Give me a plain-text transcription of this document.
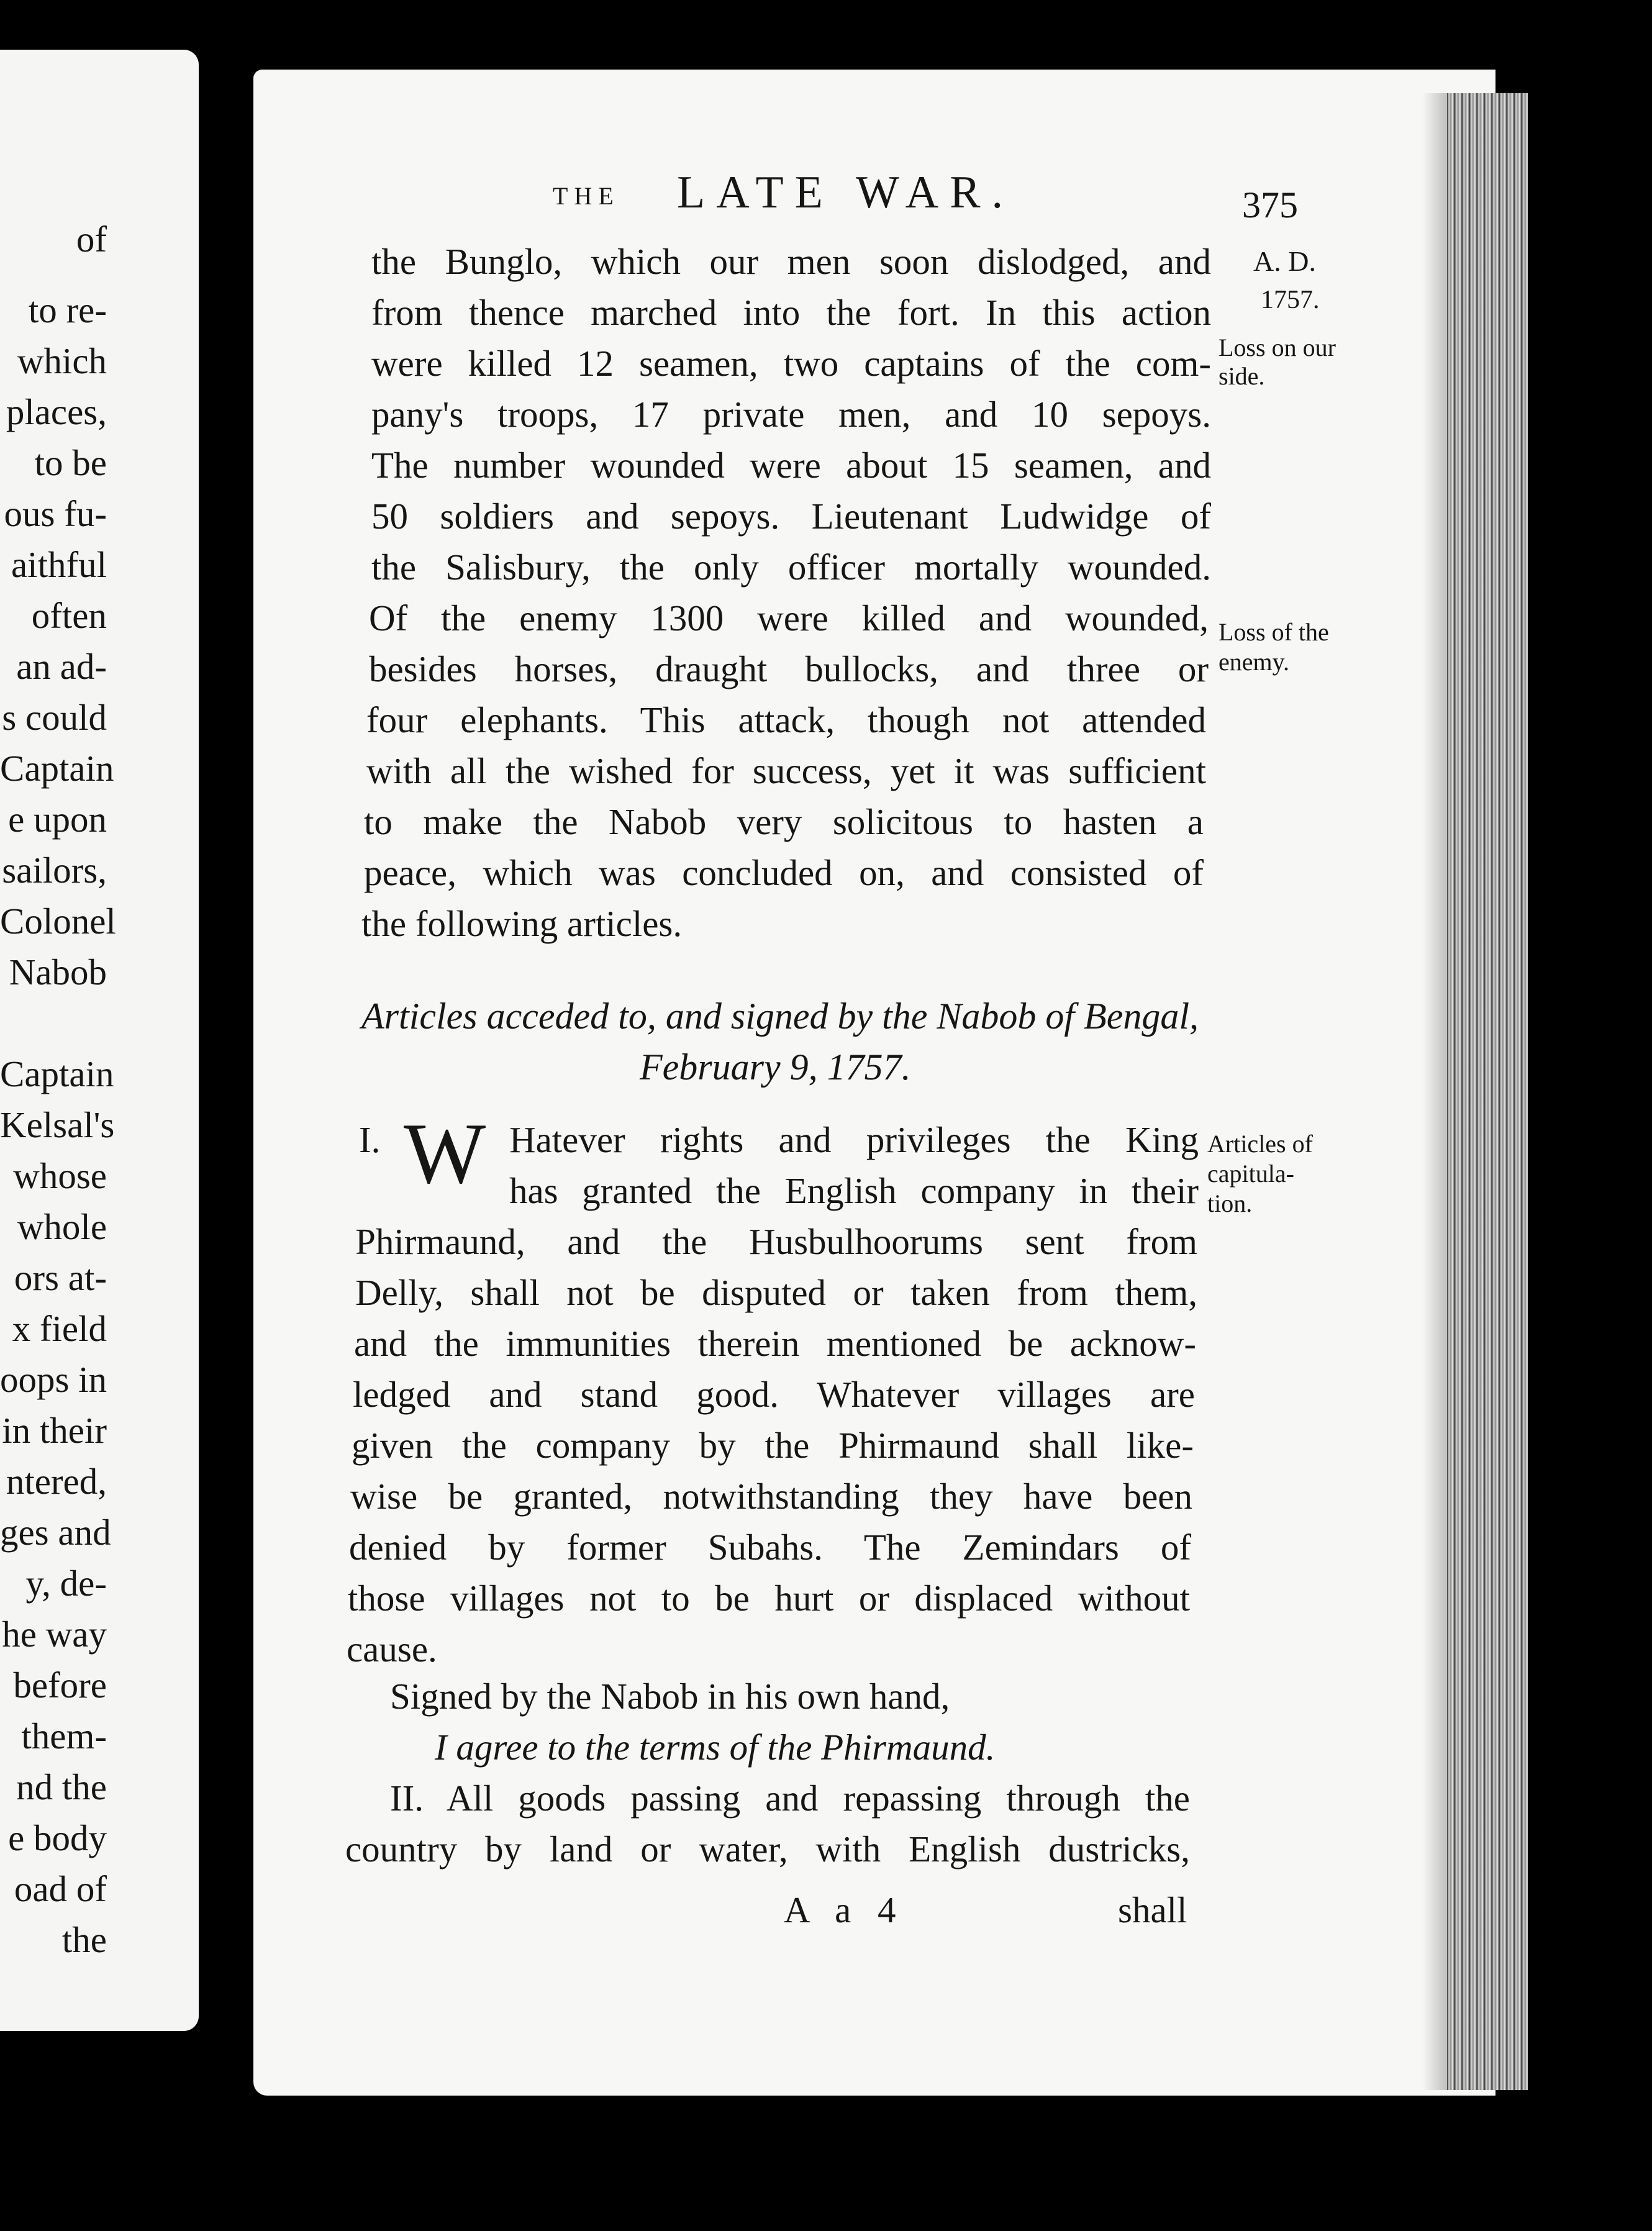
of
to re-
which
places,
to be
ous fu-
aithful
often
an ad-
s could
Captain
e upon
sailors,
Colonel
Nabob
Captain
Kelsal's
whose
whole
ors at-
x field
oops in
in their
ntered,
ges and
y, de-
he way
before
them-
nd the
e body
oad of
the
THE LATE WAR.	375
the Bunglo, which our men soon dislodged, and
from thence marched into the fort. In this action
were killed 12 seamen, two captains of the com-
pany's troops, 17 private men, and 10 sepoys.
The number wounded were about 15 seamen, and
50 soldiers and sepoys. Lieutenant Ludwidge of
the Salisbury, the only officer mortally wounded.
Of the enemy 1300 were killed and wounded,
besides horses, draught bullocks, and three or
four elephants. This attack, though not attended
with all the wished for success, yet it was sufficient
to make the Nabob very solicitous to hasten a
peace, which was concluded on, and consisted of
the following articles.
Articles acceded to, and signed by the Nabob of Bengal,
February 9, 1757.
I. W Hatever rights and privileges the King
has granted the English company in their
Phirmaund, and the Husbulhoorums sent from
Delly, shall not be disputed or taken from them,
and the immunities therein mentioned be acknow-
ledged and stand good. Whatever villages are
given the company by the Phirmaund shall like-
wise be granted, notwithstanding they have been
denied by former Subahs. The Zemindars of
those villages not to be hurt or displaced without
cause.
Signed by the Nabob in his own hand,
I agree to the terms of the Phirmaund.
II. All goods passing and repassing through the
country by land or water, with English dustricks,
A a 4	shall
A. D.
1757.
Loss on our
side.
Loss of the
enemy.
Articles of
capitula-
tion.
